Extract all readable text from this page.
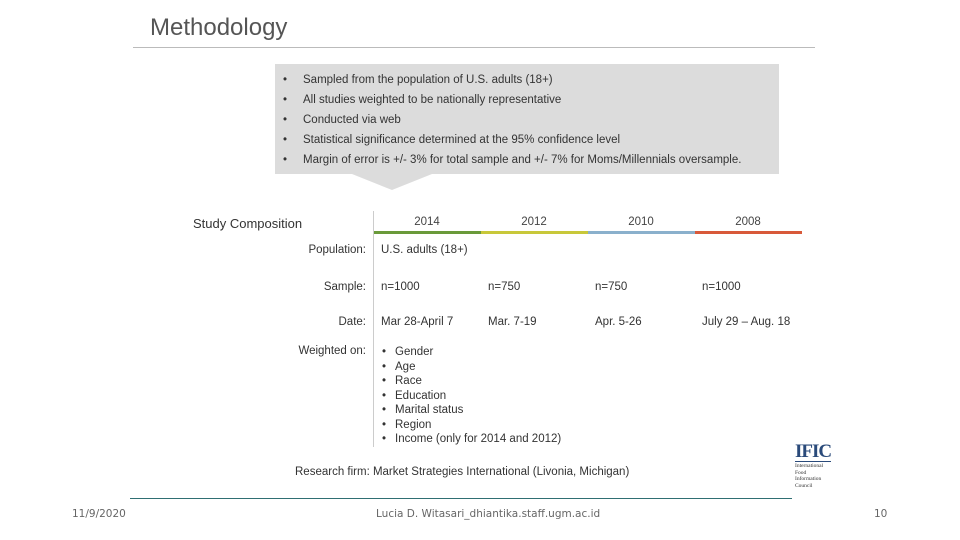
Methodology
• Sampled from the population of U.S. adults (18+)
• All studies weighted to be nationally representative
• Conducted via web
• Statistical significance determined at the 95% confidence level
• Margin of error is +/- 3% for total sample and +/- 7% for Moms/Millennials oversample.
Study Composition	2014	2012	2010	2008
Population: U.S. adults (18+)
Sample: n=1000	n=750	n=750	n=1000
Date: Mar 28-April 7	Mar. 7-19	Apr. 5-26	July 29 – Aug. 18
Weighted on:
•	Gender
• Age
• Race
• Education
• Marital status
• Region
• Income (only for 2014 and 2012)
Research firm: Market Strategies International (Livonia, Michigan)
IFIC
International
Food
Information
Council
11/9/2020	Lucia D. Witasari_dhiantika.staff.ugm.ac.id	10
